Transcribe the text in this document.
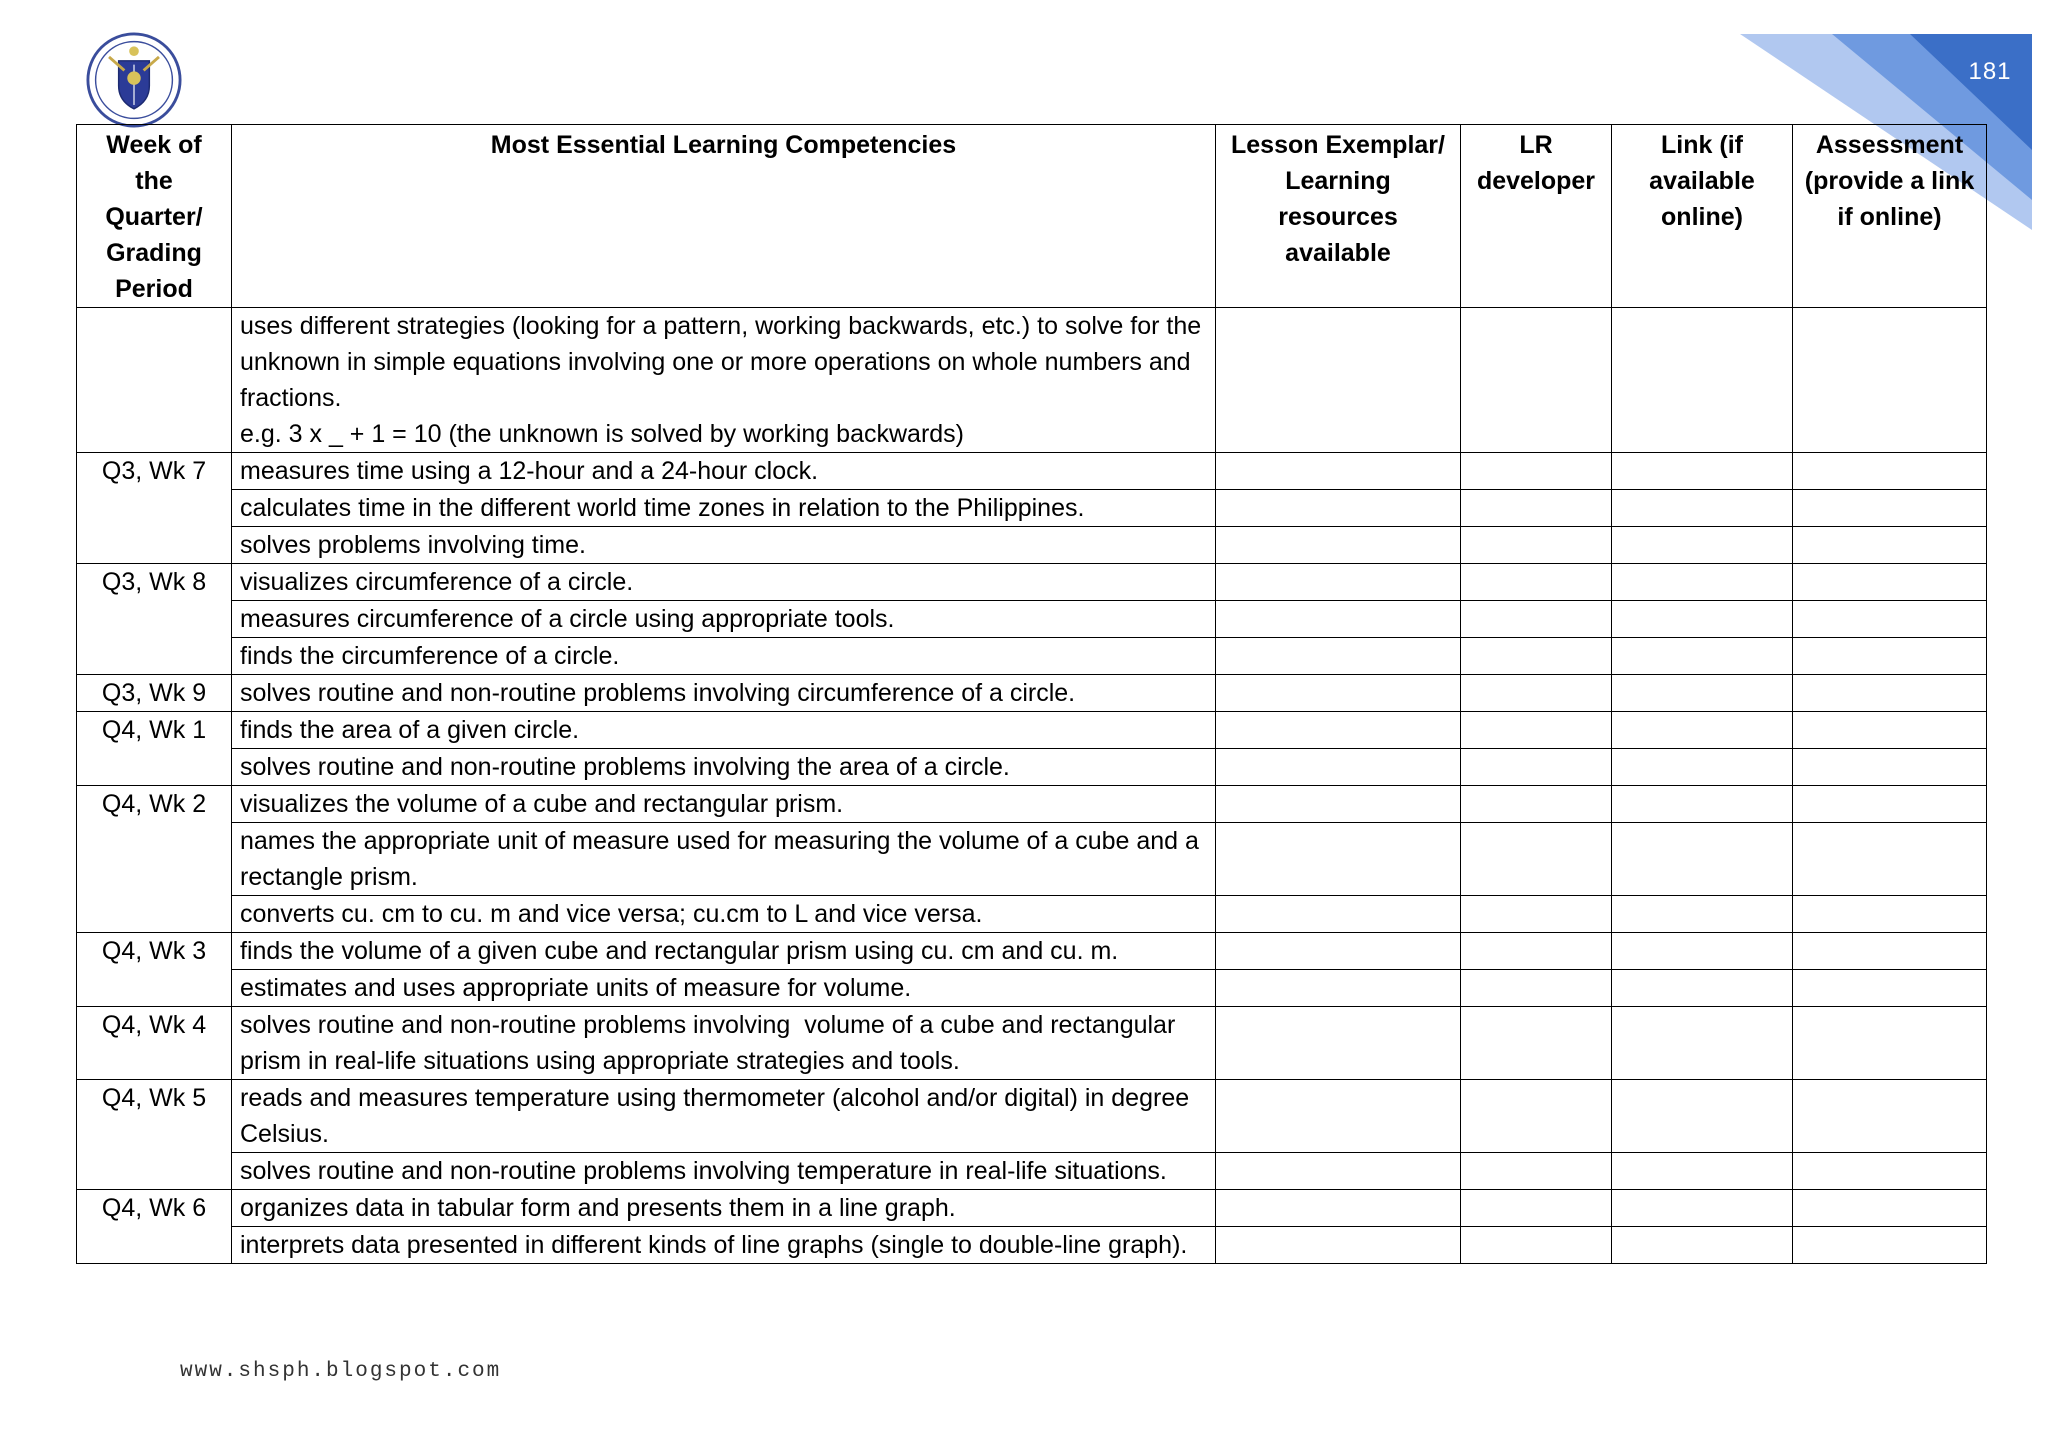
181
Week of the Quarter/ Grading Period	Most Essential Learning Competencies	Lesson Exemplar/ Learning resources available	LR developer	Link (if available online)	Assessment (provide a link if online)
	uses different strategies (looking for a pattern, working backwards, etc.) to solve for the unknown in simple equations involving one or more operations on whole numbers and fractions.
e.g. 3 x _ + 1 = 10 (the unknown is solved by working backwards)				
Q3, Wk 7	measures time using a 12-hour and a 24-hour clock.				
	calculates time in the different world time zones in relation to the Philippines.				
	solves problems involving time.				
Q3, Wk 8	visualizes circumference of a circle.				
	measures circumference of a circle using appropriate tools.				
	finds the circumference of a circle.				
Q3, Wk 9	solves routine and non-routine problems involving circumference of a circle.				
Q4, Wk 1	finds the area of a given circle.				
	solves routine and non-routine problems involving the area of a circle.				
Q4, Wk 2	visualizes the volume of a cube and rectangular prism.				
	names the appropriate unit of measure used for measuring the volume of a cube and a rectangle prism.				
	converts cu. cm to cu. m and vice versa; cu.cm to L and vice versa.				
Q4, Wk 3	finds the volume of a given cube and rectangular prism using cu. cm and cu. m.				
	estimates and uses appropriate units of measure for volume.				
Q4, Wk 4	solves routine and non-routine problems involving  volume of a cube and rectangular prism in real-life situations using appropriate strategies and tools.				
Q4, Wk 5	reads and measures temperature using thermometer (alcohol and/or digital) in degree Celsius.				
	solves routine and non-routine problems involving temperature in real-life situations.				
Q4, Wk 6	organizes data in tabular form and presents them in a line graph.				
	interprets data presented in different kinds of line graphs (single to double-line graph).				
www.shsph.blogspot.com
